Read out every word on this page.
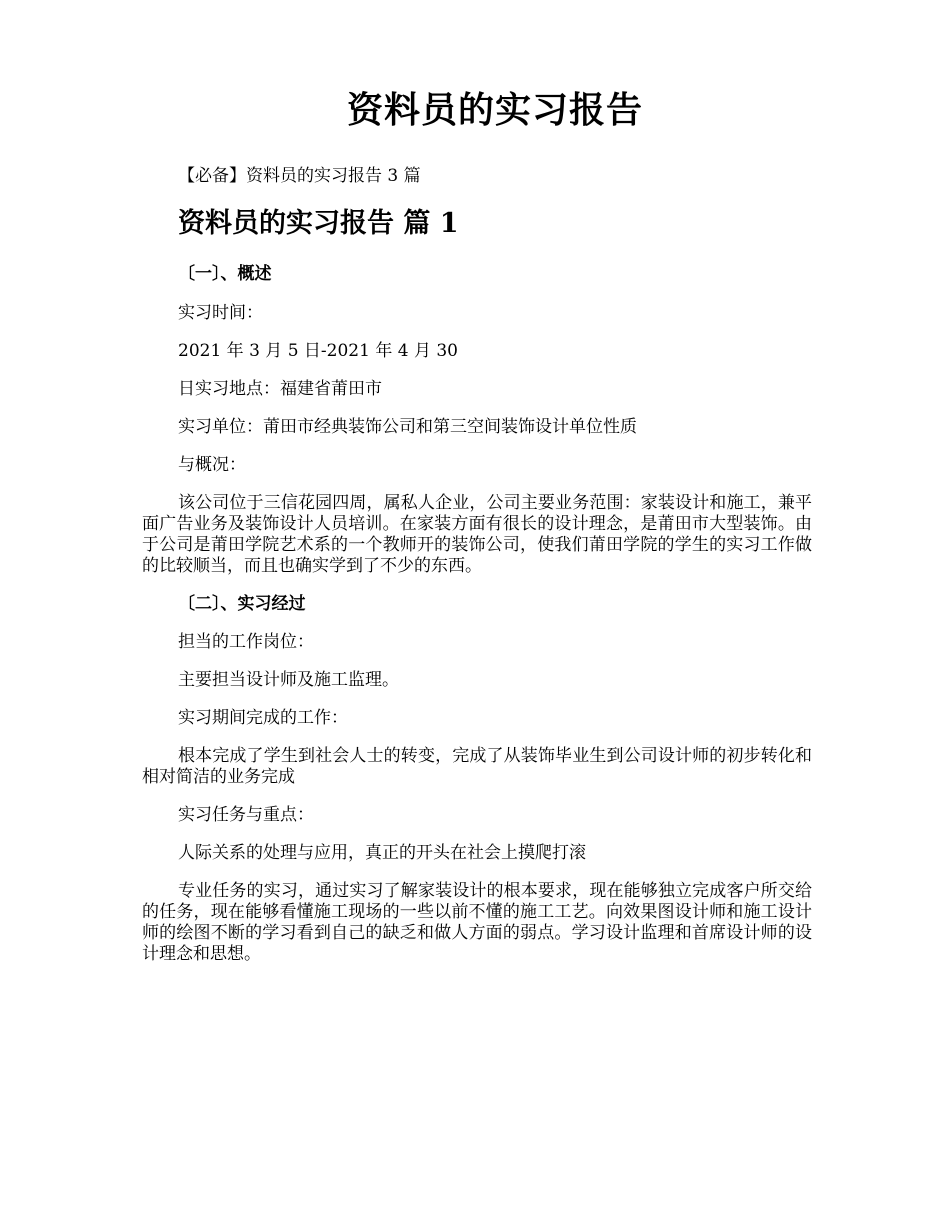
资料员的实习报告

【必备】资料员的实习报告 3 篇

资料员的实习报告 篇 1

〔一〕、概述

实习时间：

2021 年 3 月 5 日-2021 年 4 月 30

日实习地点：福建省莆田市

实习单位：莆田市经典装饰公司和第三空间装饰设计单位性质

与概况：

该公司位于三信花园四周，属私人企业，公司主要业务范围：家装设计和施工，兼平面广告业务及装饰设计人员培训。在家装方面有很长的设计理念，是莆田市大型装饰。由于公司是莆田学院艺术系的一个教师开的装饰公司，使我们莆田学院的学生的实习工作做的比较顺当，而且也确实学到了不少的东西。

〔二〕、实习经过

担当的工作岗位：

主要担当设计师及施工监理。

实习期间完成的工作：

根本完成了学生到社会人士的转变，完成了从装饰毕业生到公司设计师的初步转化和相对简洁的业务完成

实习任务与重点：

人际关系的处理与应用，真正的开头在社会上摸爬打滚

专业任务的实习，通过实习了解家装设计的根本要求，现在能够独立完成客户所交给的任务，现在能够看懂施工现场的一些以前不懂的施工工艺。向效果图设计师和施工设计师的绘图不断的学习看到自己的缺乏和做人方面的弱点。学习设计监理和首席设计师的设计理念和思想。
